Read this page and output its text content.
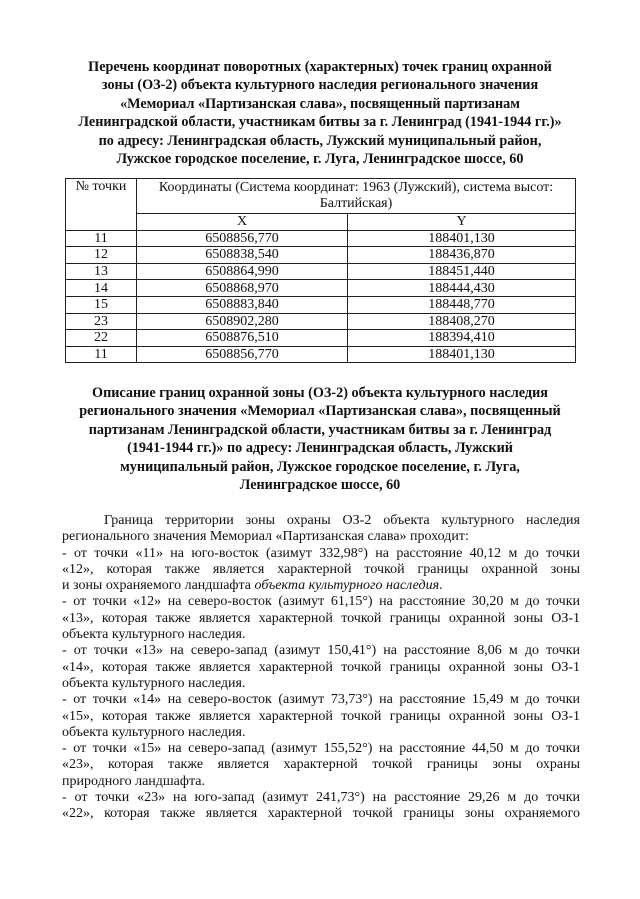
Перечень координат поворотных (характерных) точек границ охранной
зоны (ОЗ-2) объекта культурного наследия регионального значения
«Мемориал «Партизанская слава», посвященный партизанам
Ленинградской области, участникам битвы за г. Ленинград (1941-1944 гг.)»
по адресу: Ленинградская область, Лужский муниципальный район,
Лужское городское поселение, г. Луга, Ленинградское шоссе, 60
№ точки	Координаты (Система координат: 1963 (Лужский), система высот: Балтийская)	
	X	Y
11	6508856,770	188401,130
12	6508838,540	188436,870
13	6508864,990	188451,440
14	6508868,970	188444,430
15	6508883,840	188448,770
23	6508902,280	188408,270
22	6508876,510	188394,410
11	6508856,770	188401,130
Описание границ охранной зоны (ОЗ-2) объекта культурного наследия
регионального значения «Мемориал «Партизанская слава», посвященный
партизанам Ленинградской области, участникам битвы за г. Ленинград
(1941-1944 гг.)» по адресу: Ленинградская область, Лужский
муниципальный район, Лужское городское поселение, г. Луга,
Ленинградское шоссе, 60

Граница территории зоны охраны ОЗ-2 объекта культурного наследия

регионального значения Мемориал «Партизанская слава» проходит:

- от точки «11» на юго-восток (азимут 332,98°) на расстояние 40,12 м до точки
«12», которая также является характерной точкой границы охранной зоны
и зоны охраняемого ландшафта объекта культурного наследия.

- от точки «12» на северо-восток (азимут 61,15°) на расстояние 30,20 м до точки
«13», которая также является характерной точкой границы охранной зоны ОЗ-1
объекта культурного наследия.

- от точки «13» на северо-запад (азимут 150,41°) на расстояние 8,06 м до точки
«14», которая также является характерной точкой границы охранной зоны ОЗ-1
объекта культурного наследия.

- от точки «14» на северо-восток (азимут 73,73°) на расстояние 15,49 м до точки
«15», которая также является характерной точкой границы охранной зоны ОЗ-1
объекта культурного наследия.

- от точки «15» на северо-запад (азимут 155,52°) на расстояние 44,50 м до точки
«23», которая также является характерной точкой границы зоны охраны
природного ландшафта.

- от точки «23» на юго-запад (азимут 241,73°) на расстояние 29,26 м до точки
«22», которая также является характерной точкой границы зоны охраняемого
